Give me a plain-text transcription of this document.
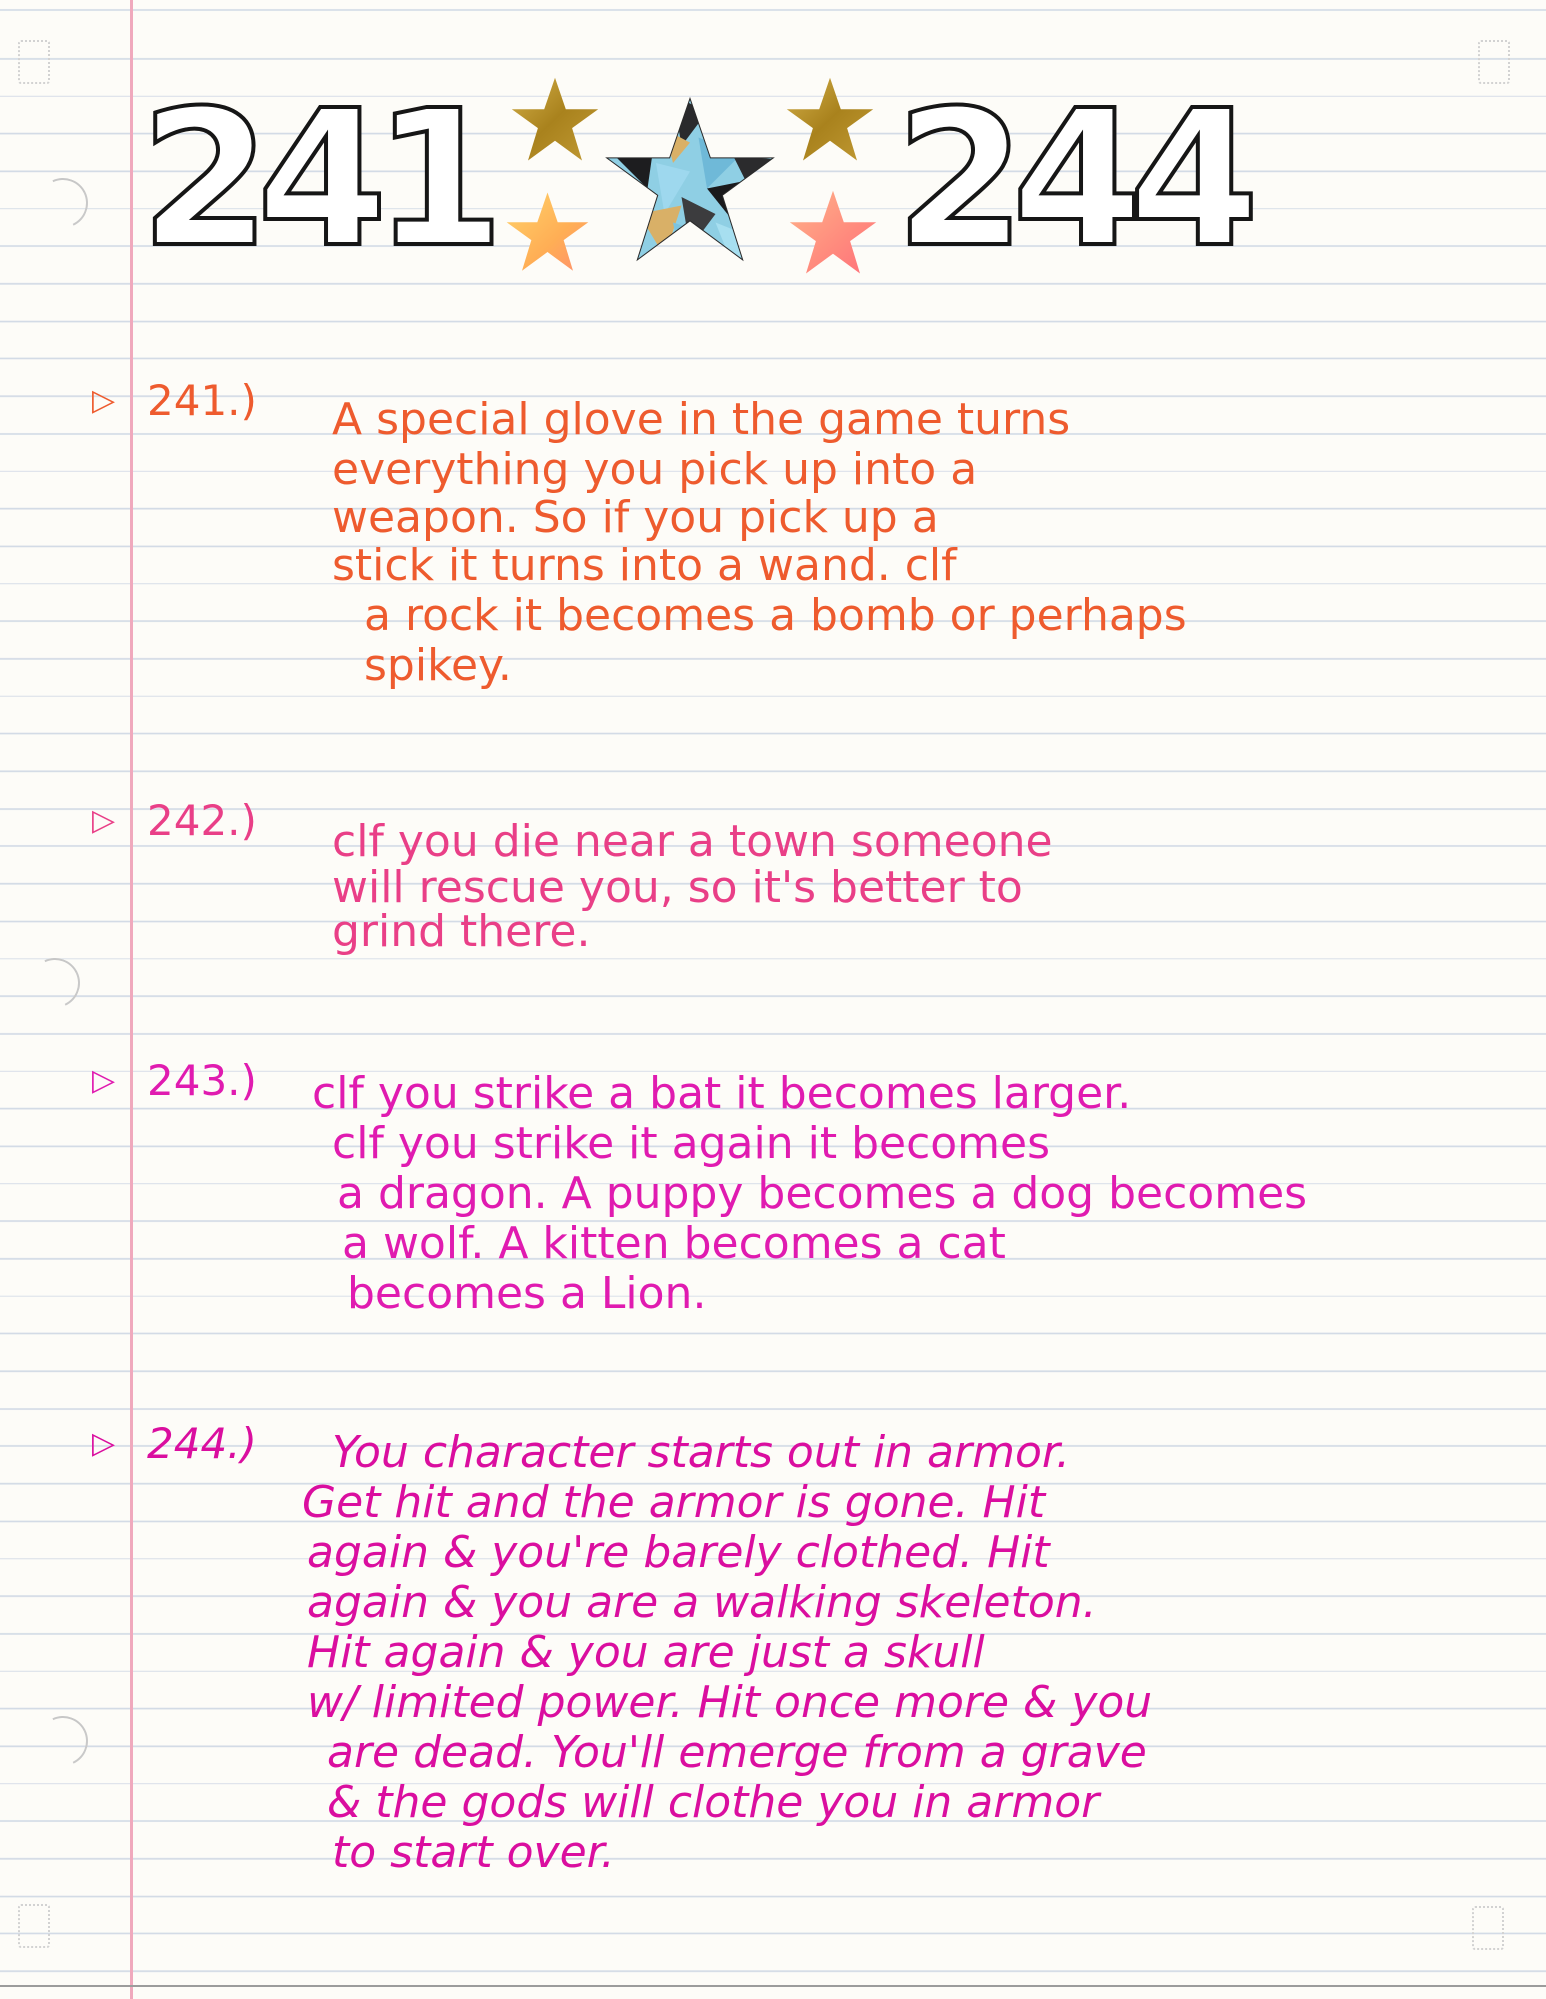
241 244
▷ 241.) A special glove in the game turns
everything you pick up into a
weapon. So if you pick up a
stick it turns into a wand. clf
a rock it becomes a bomb or perhaps
spikey.
▷ 242.) clf you die near a town someone
will rescue you, so it's better to
grind there.
▷ 243.) clf you strike a bat it becomes larger.
clf you strike it again it becomes
a dragon. A puppy becomes a dog becomes
a wolf. A kitten becomes a cat
becomes a Lion.
▷ 244.) You character starts out in armor.
Get hit and the armor is gone. Hit
again & you're barely clothed. Hit
again & you are a walking skeleton.
Hit again & you are just a skull
w/ limited power. Hit once more & you
are dead. You'll emerge from a grave
& the gods will clothe you in armor
to start over.
